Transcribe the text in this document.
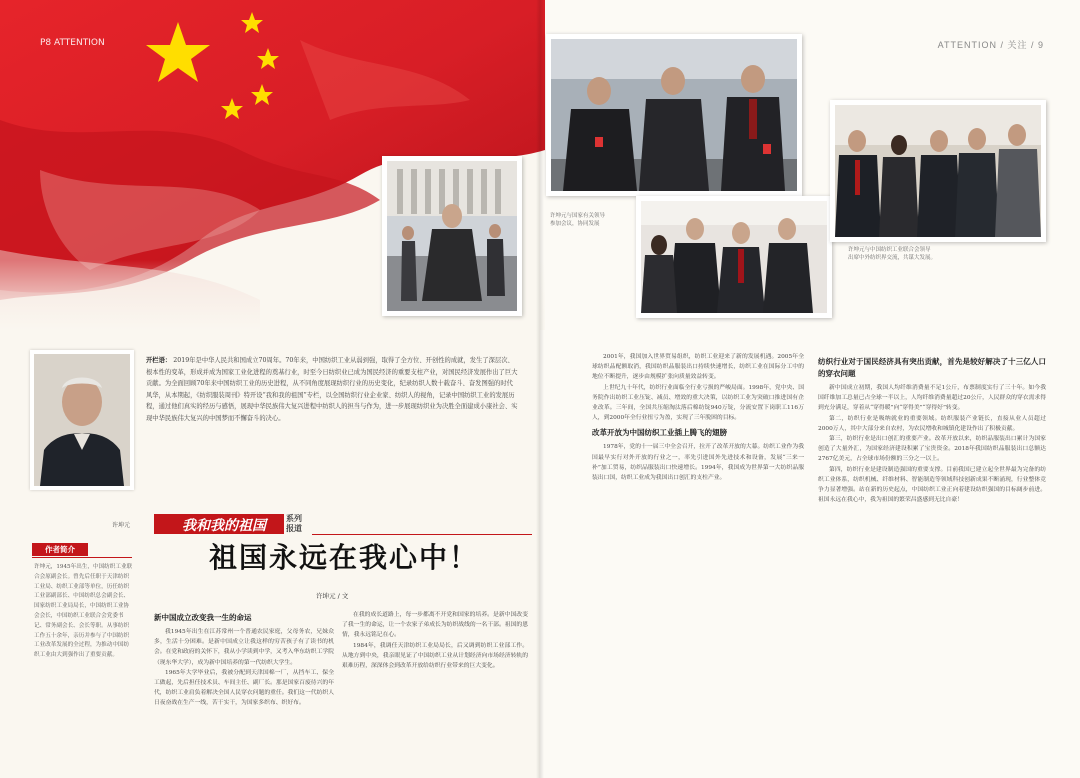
P8 ATTENTION	ATTENTION / 关注 / 9
许坤元与国家有关领导
参加会议，协同发展
许坤元与中国纺织工业联合会领导
出席中外纺织界交流，共谋大发展。
许坤元
开栏语： 2019年是中华人民共和国成立70周年。70年来，中国纺织工业从弱到强，取得了全方位、开创性的成就，发生了深层次、根本性的变革，形成并成为国家工业化进程的奠基行业，时至今日纺织业已成为国民经济的重要支柱产业，对国民经济发展作出了巨大贡献。为全面回顾70年来中国纺织工业的历史进程，从不同角度展现纺织行业的历史变化，纪录纺织人数十载奋斗、奋发图强的时代风华，从本期起，《纺织服装周刊》特开设“我和我的祖国”专栏，以全国纺织行业企业家、纺织人的视角，记录中国纺织工业的发展历程，通过他们真实的经历与感悟，展现中华民族伟大复兴进程中纺织人的担当与作为，进一步展现纺织业为决胜全面建成小康社会、实现中华民族伟大复兴的中国梦而不懈奋斗的决心。
我和我的祖国	系列
报道
作者简介
许坤元，1945年出生，中国纺织工业联合会原副会长。曾先后任职于天津纺织工业局、纺织工业部等单位，历任纺织工业部副部长、中国纺织总会副会长、国家纺织工业局局长，中国纺织工业协会会长，中国纺织工业联合会党委书记、常务副会长、会长等职。从事纺织工作五十余年，亲历并参与了中国纺织工业改革发展的全过程，为推动中国纺织工业由大到强作出了重要贡献。
祖国永远在我心中！
许坤元 / 文
新中国成立改变我一生的命运

我1945年出生在江苏常州一个普通农民家庭，父母务农，兄妹众多，生活十分困难。是新中国成立让我这样的穷苦孩子有了读书的机会。在党和政府的关怀下，我从小学读到中学，又考入华东纺织工学院（现东华大学），成为新中国培养的第一代纺织大学生。

1965年大学毕业后，我被分配到天津国棉一厂，从挡车工、保全工做起，先后担任技术员、车间主任、副厂长。那是国家百废待兴的年代，纺织工业肩负着解决全国人民穿衣问题的重任。我们这一代纺织人日夜奋战在生产一线，苦干实干，为国家多织布、织好布。

在我的成长道路上，每一步都离不开党和国家的培养。是新中国改变了我一生的命运，让一个农家子弟成长为纺织战线的一名干部。祖国的恩情，我永远铭记在心。

1984年，我调任天津纺织工业局局长，后又调到纺织工业部工作。从地方到中央，我亲眼见证了中国纺织工业从计划经济向市场经济转轨的艰难历程，深深体会到改革开放给纺织行业带来的巨大变化。

2001年，我国加入世界贸易组织，纺织工业迎来了新的发展机遇。2005年全球纺织品配额取消，我国纺织品服装出口持续快速增长，纺织工业在国际分工中的地位不断提升，逐步由规模扩张向质量效益转变。

上世纪九十年代，纺织行业面临全行业亏损的严峻局面。1998年，党中央、国务院作出纺织工业压锭、减员、增效的重大决策，以纺织工业为突破口推进国有企业改革。三年间，全国共压缩淘汰落后棉纺锭940万锭，分流安置下岗职工116万人，到2000年全行业扭亏为盈，实现了三年脱困的目标。

改革开放为中国纺织工业插上腾飞的翅膀

1978年，党的十一届三中全会召开，拉开了改革开放的大幕。纺织工业作为我国最早实行对外开放的行业之一，率先引进国外先进技术和设备，发展“三来一补”加工贸易，纺织品服装出口快速增长。1994年，我国成为世界第一大纺织品服装出口国，纺织工业成为我国出口创汇的支柱产业。

纺织行业对于国民经济具有突出贡献，首先是较好解决了十三亿人口的穿衣问题

新中国成立初期，我国人均纤维消费量不足1公斤，布票制度实行了三十年。如今我国纤维加工总量已占全球一半以上，人均纤维消费量超过20公斤，人民群众的穿衣需求得到充分满足，穿着从“穿得暖”向“穿得美”“穿得好”转变。

第二，纺织行业是吸纳就业的重要领域。纺织服装产业链长，直接从业人员超过2000万人，其中大部分来自农村，为农民增收和城镇化建设作出了积极贡献。

第三，纺织行业是出口创汇的重要产业。改革开放以来，纺织品服装出口累计为国家创造了大量外汇，为国家经济建设积累了宝贵资金。2018年我国纺织品服装出口总额达2767亿美元，占全球市场份额的三分之一以上。

第四，纺织行业是建设制造强国的重要支撑。目前我国已建立起全世界最为完备的纺织工业体系，纺织机械、纤维材料、智能制造等领域科技创新成果不断涌现，行业整体竞争力显著增强。站在新的历史起点，中国纺织工业正向着建设纺织强国的目标阔步前进。祖国永远在我心中，我为祖国的繁荣昌盛感到无比自豪！
